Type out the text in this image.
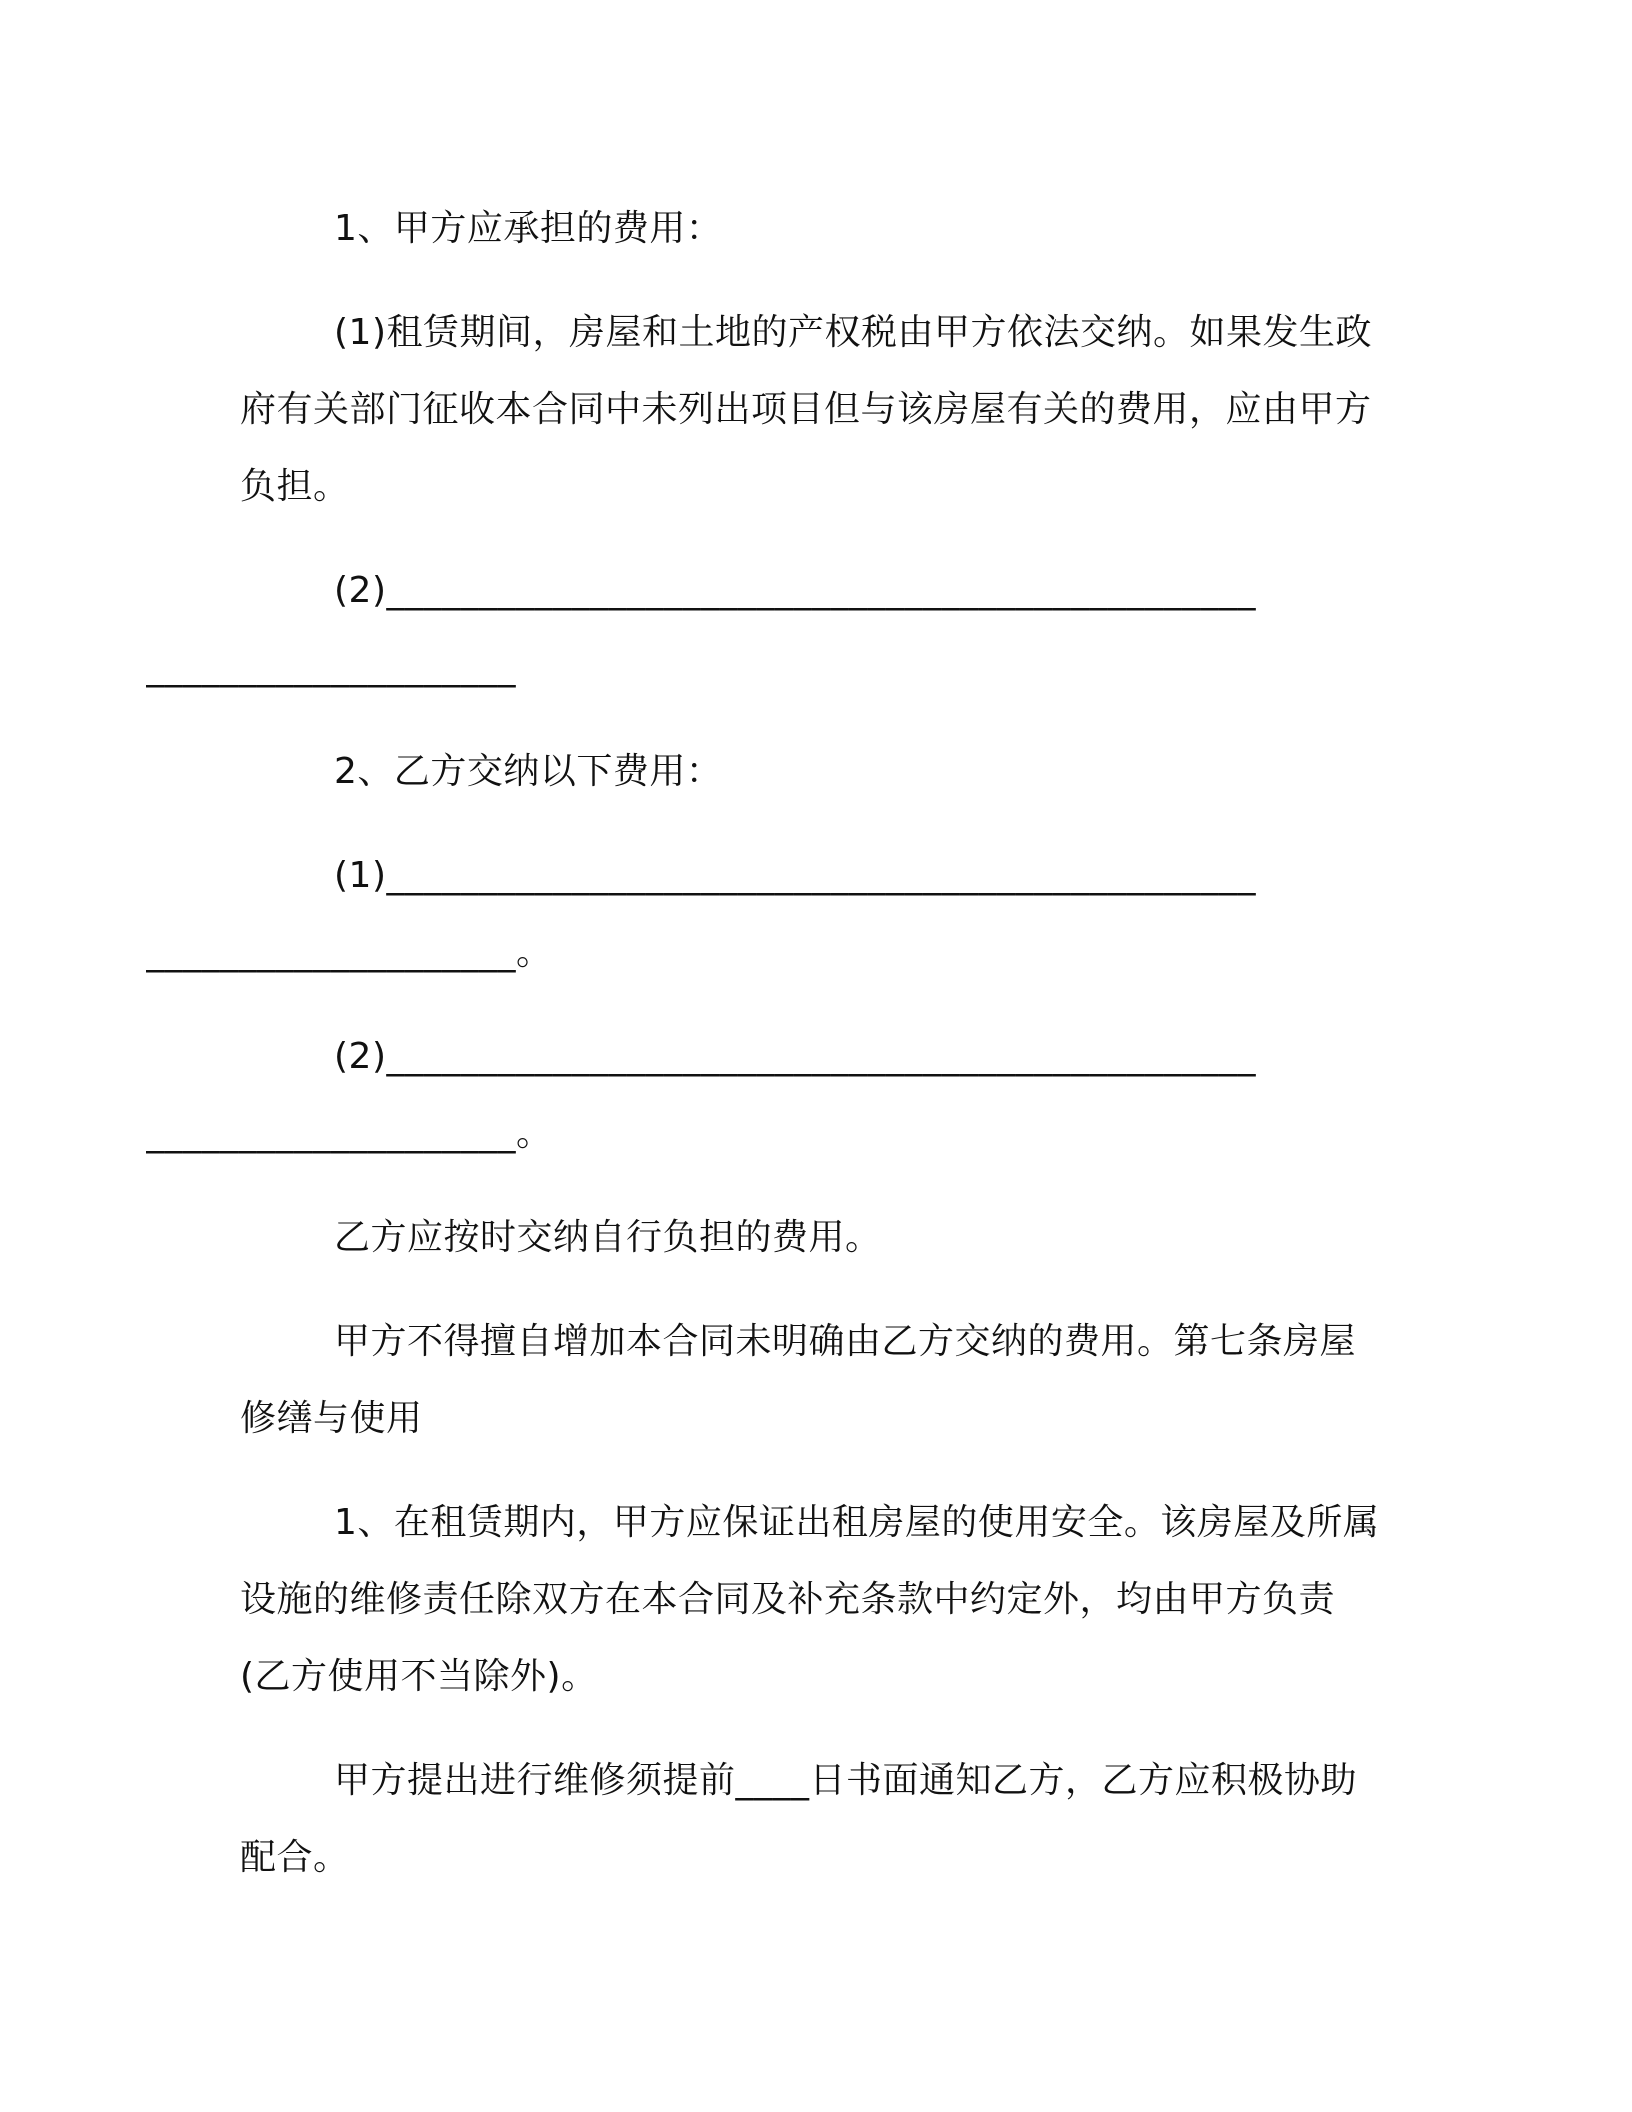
1、甲方应承担的费用：

(1)租赁期间，房屋和土地的产权税由甲方依法交纳。如果发生政府有关部门征收本合同中未列出项目但与该房屋有关的费用，应由甲方负担。

(2)_______________________________________________
____________________

2、乙方交纳以下费用：

(1)_______________________________________________
____________________。

(2)_______________________________________________
____________________。

乙方应按时交纳自行负担的费用。

甲方不得擅自增加本合同未明确由乙方交纳的费用。第七条房屋修缮与使用

1、在租赁期内，甲方应保证出租房屋的使用安全。该房屋及所属设施的维修责任除双方在本合同及补充条款中约定外，均由甲方负责(乙方使用不当除外)。

甲方提出进行维修须提前____日书面通知乙方，乙方应积极协助配合。
